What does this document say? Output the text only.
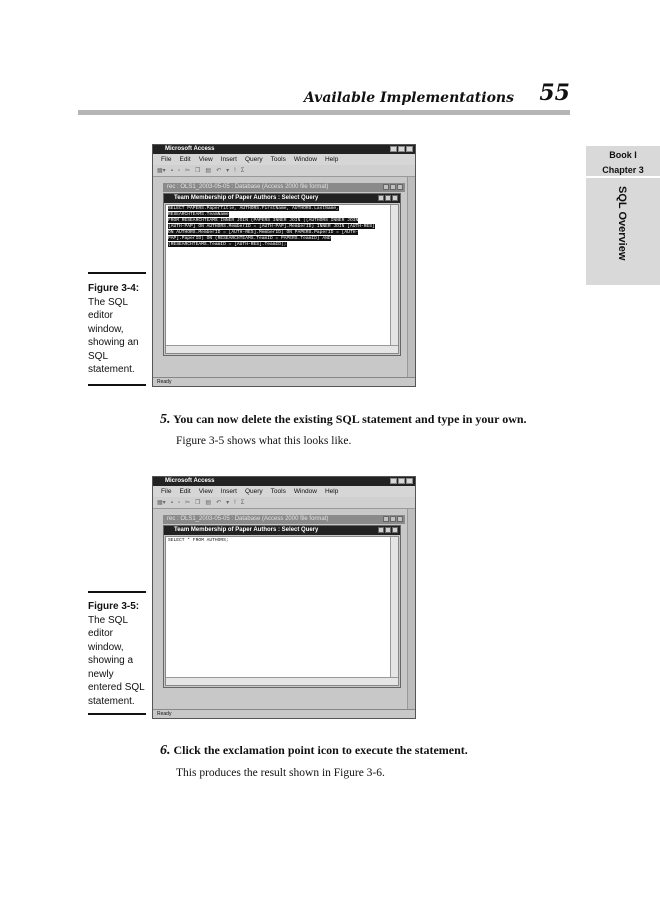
Available Implementations 55
Book I
Chapter 3
SQL Overview
Figure 3-4:
The SQL editor window, showing an SQL statement.
Microsoft Access
File Edit View Insert Query Tools Window Help
▦▾ ▪ ▫ ✂ ❐ ▤ ↶ ▾ ! Σ
rec : OLS1_2003-05-05 : Database (Access 2000 file format)
Team Membership of Paper Authors : Select Query
SELECT PAPERS.PaperTitle, AUTHORS.FirstName, AUTHORS.LastName,
RESEARCHTEAMS.TeamName
FROM RESEARCHTEAMS INNER JOIN (PAPERS INNER JOIN ((AUTHORS INNER JOIN
[AUTH-PAP] ON AUTHORS.MemberID = [AUTH-PAP].MemberID) INNER JOIN [AUTH-RES]
ON AUTHORS.MemberID = [AUTH-RES].MemberID) ON PAPERS.PaperID = [AUTH-
PAP].PaperID) ON (RESEARCHTEAMS.TeamID = PAPERS.TeamID) AND
(RESEARCHTEAMS.TeamID = [AUTH-RES].TeamID);
Ready
5. You can now delete the existing SQL statement and type in your own.
Figure 3-5 shows what this looks like.
Figure 3-5:
The SQL editor window, showing a newly entered SQL statement.
Microsoft Access
File Edit View Insert Query Tools Window Help
▦▾ ▪ ▫ ✂ ❐ ▤ ↶ ▾ ! Σ
rec : OLS1_2003-05-05 : Database (Access 2000 file format)
Team Membership of Paper Authors : Select Query
SELECT * FROM AUTHORS;
Ready
6. Click the exclamation point icon to execute the statement.
This produces the result shown in Figure 3-6.
